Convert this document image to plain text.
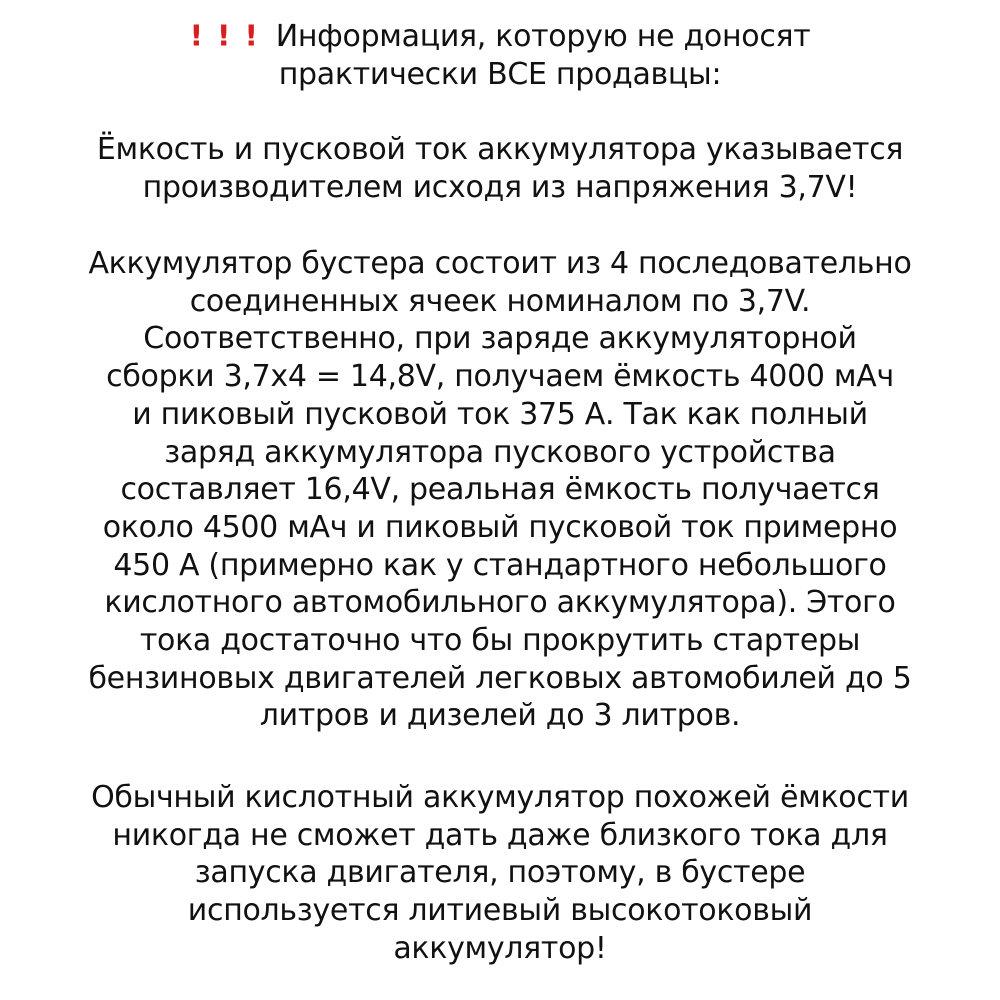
! ! ! Информация, которую не доносят
практически ВСЕ продавцы:
Ёмкость и пусковой ток аккумулятора указывается
производителем исходя из напряжения 3,7V!
Аккумулятор бустера состоит из 4 последовательно
соединенных ячеек номиналом по 3,7V.
Соответственно, при заряде аккумуляторной
сборки 3,7x4 = 14,8V, получаем ёмкость 4000 мАч
и пиковый пусковой ток 375 А. Так как полный
заряд аккумулятора пускового устройства
составляет 16,4V, реальная ёмкость получается
около 4500 мАч и пиковый пусковой ток примерно
450 А (примерно как у стандартного небольшого
кислотного автомобильного аккумулятора). Этого
тока достаточно что бы прокрутить стартеры
бензиновых двигателей легковых автомобилей до 5
литров и дизелей до 3 литров.
Обычный кислотный аккумулятор похожей ёмкости
никогда не сможет дать даже близкого тока для
запуска двигателя, поэтому, в бустере
используется литиевый высокотоковый
аккумулятор!
